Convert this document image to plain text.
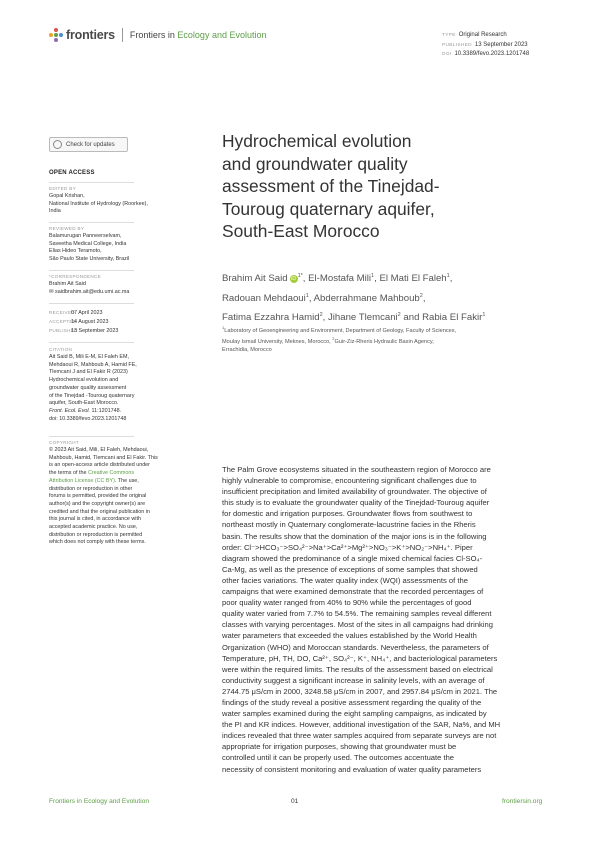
frontiers Frontiers in Ecology and Evolution	TYPE Original Research
PUBLISHED 13 September 2023
DOI 10.3389/fevo.2023.1201748
Check for updates
OPEN ACCESS
EDITED BY
Gopal Krishan,
National Institute of Hydrology (Roorkee),
India
REVIEWED BY
Balamurugan Panneerselvam,
Saveetha Medical College, India
Elias Hideo Teramoto,
São Paulo State University, Brazil
*CORRESPONDENCE
Brahim Ait Said
✉ saidbrahim.ait@edu.umi.ac.ma
RECEIVED07 April 2023
ACCEPTED14 August 2023
PUBLISHED13 September 2023
CITATION
Ait Said B, Mili E-M, El Faleh EM,
Mehdaoui R, Mahboub A, Hamid FE,
Tlemcani J and El Fakir R (2023)
Hydrochemical evolution and
groundwater quality assessment
of the Tinejdad -Touroug quaternary
aquifer, South-East Morocco.
Front. Ecol. Evol. 11:1201748.
doi: 10.3389/fevo.2023.1201748
COPYRIGHT
© 2023 Ait Said, Mili, El Faleh, Mehdaoui,
Mahboub, Hamid, Tlemcani and El Fakir. This
is an open-access article distributed under
the terms of the Creative Commons
Attribution License (CC BY). The use,
distribution or reproduction in other
forums is permitted, provided the original
author(s) and the copyright owner(s) are
credited and that the original publication in
this journal is cited, in accordance with
accepted academic practice. No use,
distribution or reproduction is permitted
which does not comply with these terms.
Hydrochemical evolution
and groundwater quality
assessment of the Tinejdad-
Touroug quaternary aquifer,
South-East Morocco
Brahim Ait Said $iD^{1*}$, El-Mostafa Mili$^1$, El Mati El Faleh$^1$,
Radouan Mehdaoui$^1$, Abderrahmane Mahboub$^2$,
Fatima Ezzahra Hamid$^2$, Jihane Tlemcani$^2$ and Rabia El Fakir$^1$
$^1$Laboratory of Geoengineering and Environment, Department of Geology, Faculty of Sciences,
Moulay Ismail University, Meknes, Morocco, $^2$Guir-Ziz-Rheris Hydraulic Basin Agency,
Errachidia, Morocco
The Palm Grove ecosystems situated in the southeastern region of Morocco are
highly vulnerable to compromise, encountering significant challenges due to
insufficient precipitation and limited availability of groundwater. The objective of
this study is to evaluate the groundwater quality of the Tinejdad-Touroug aquifer
for domestic and irrigation purposes. Groundwater flows from southwest to
northeast mostly in Quaternary conglomerate-lacustrine facies in the Rheris
basin. The results show that the domination of the major ions is in the following
order: Cl⁻>HCO₃⁻>SO₄²⁻>Na⁺>Ca²⁺>Mg²⁺>NO₃⁻>K⁺>NO₂⁻>NH₄⁺. Piper
diagram showed the predominance of a single mixed chemical facies Cl-SO₄-
Ca-Mg, as well as the presence of exceptions of some samples that showed
other facies variations. The water quality index (WQI) assessments of the
campaigns that were examined demonstrate that the recorded percentages of
poor quality water ranged from 40% to 90% while the percentages of good
quality water varied from 7.7% to 54.5%. The remaining samples reveal different
classes with varying percentages. Most of the sites in all campaigns had drinking
water parameters that exceeded the values established by the World Health
Organization (WHO) and Moroccan standards. Nevertheless, the parameters of
Temperature, pH, TH, DO, Ca²⁺, SO₄²⁻, K⁺, NH₄⁺, and bacteriological parameters
were within the required limits. The results of the assessment based on electrical
conductivity suggest a significant increase in salinity levels, with an average of
2744.75 μS/cm in 2000, 3248.58 μS/cm in 2007, and 2957.84 μS/cm in 2021. The
findings of the study reveal a positive assessment regarding the quality of the
water samples examined during the eight sampling campaigns, as indicated by
the PI and KR indices. However, additional investigation of the SAR, Na%, and MH
indices revealed that three water samples acquired from separate surveys are not
appropriate for irrigation purposes, showing that groundwater must be
controlled until it can be properly used. The outcomes accentuate the
necessity of consistent monitoring and evaluation of water quality parameters
Frontiers in Ecology and Evolution	01	frontiersin.org
